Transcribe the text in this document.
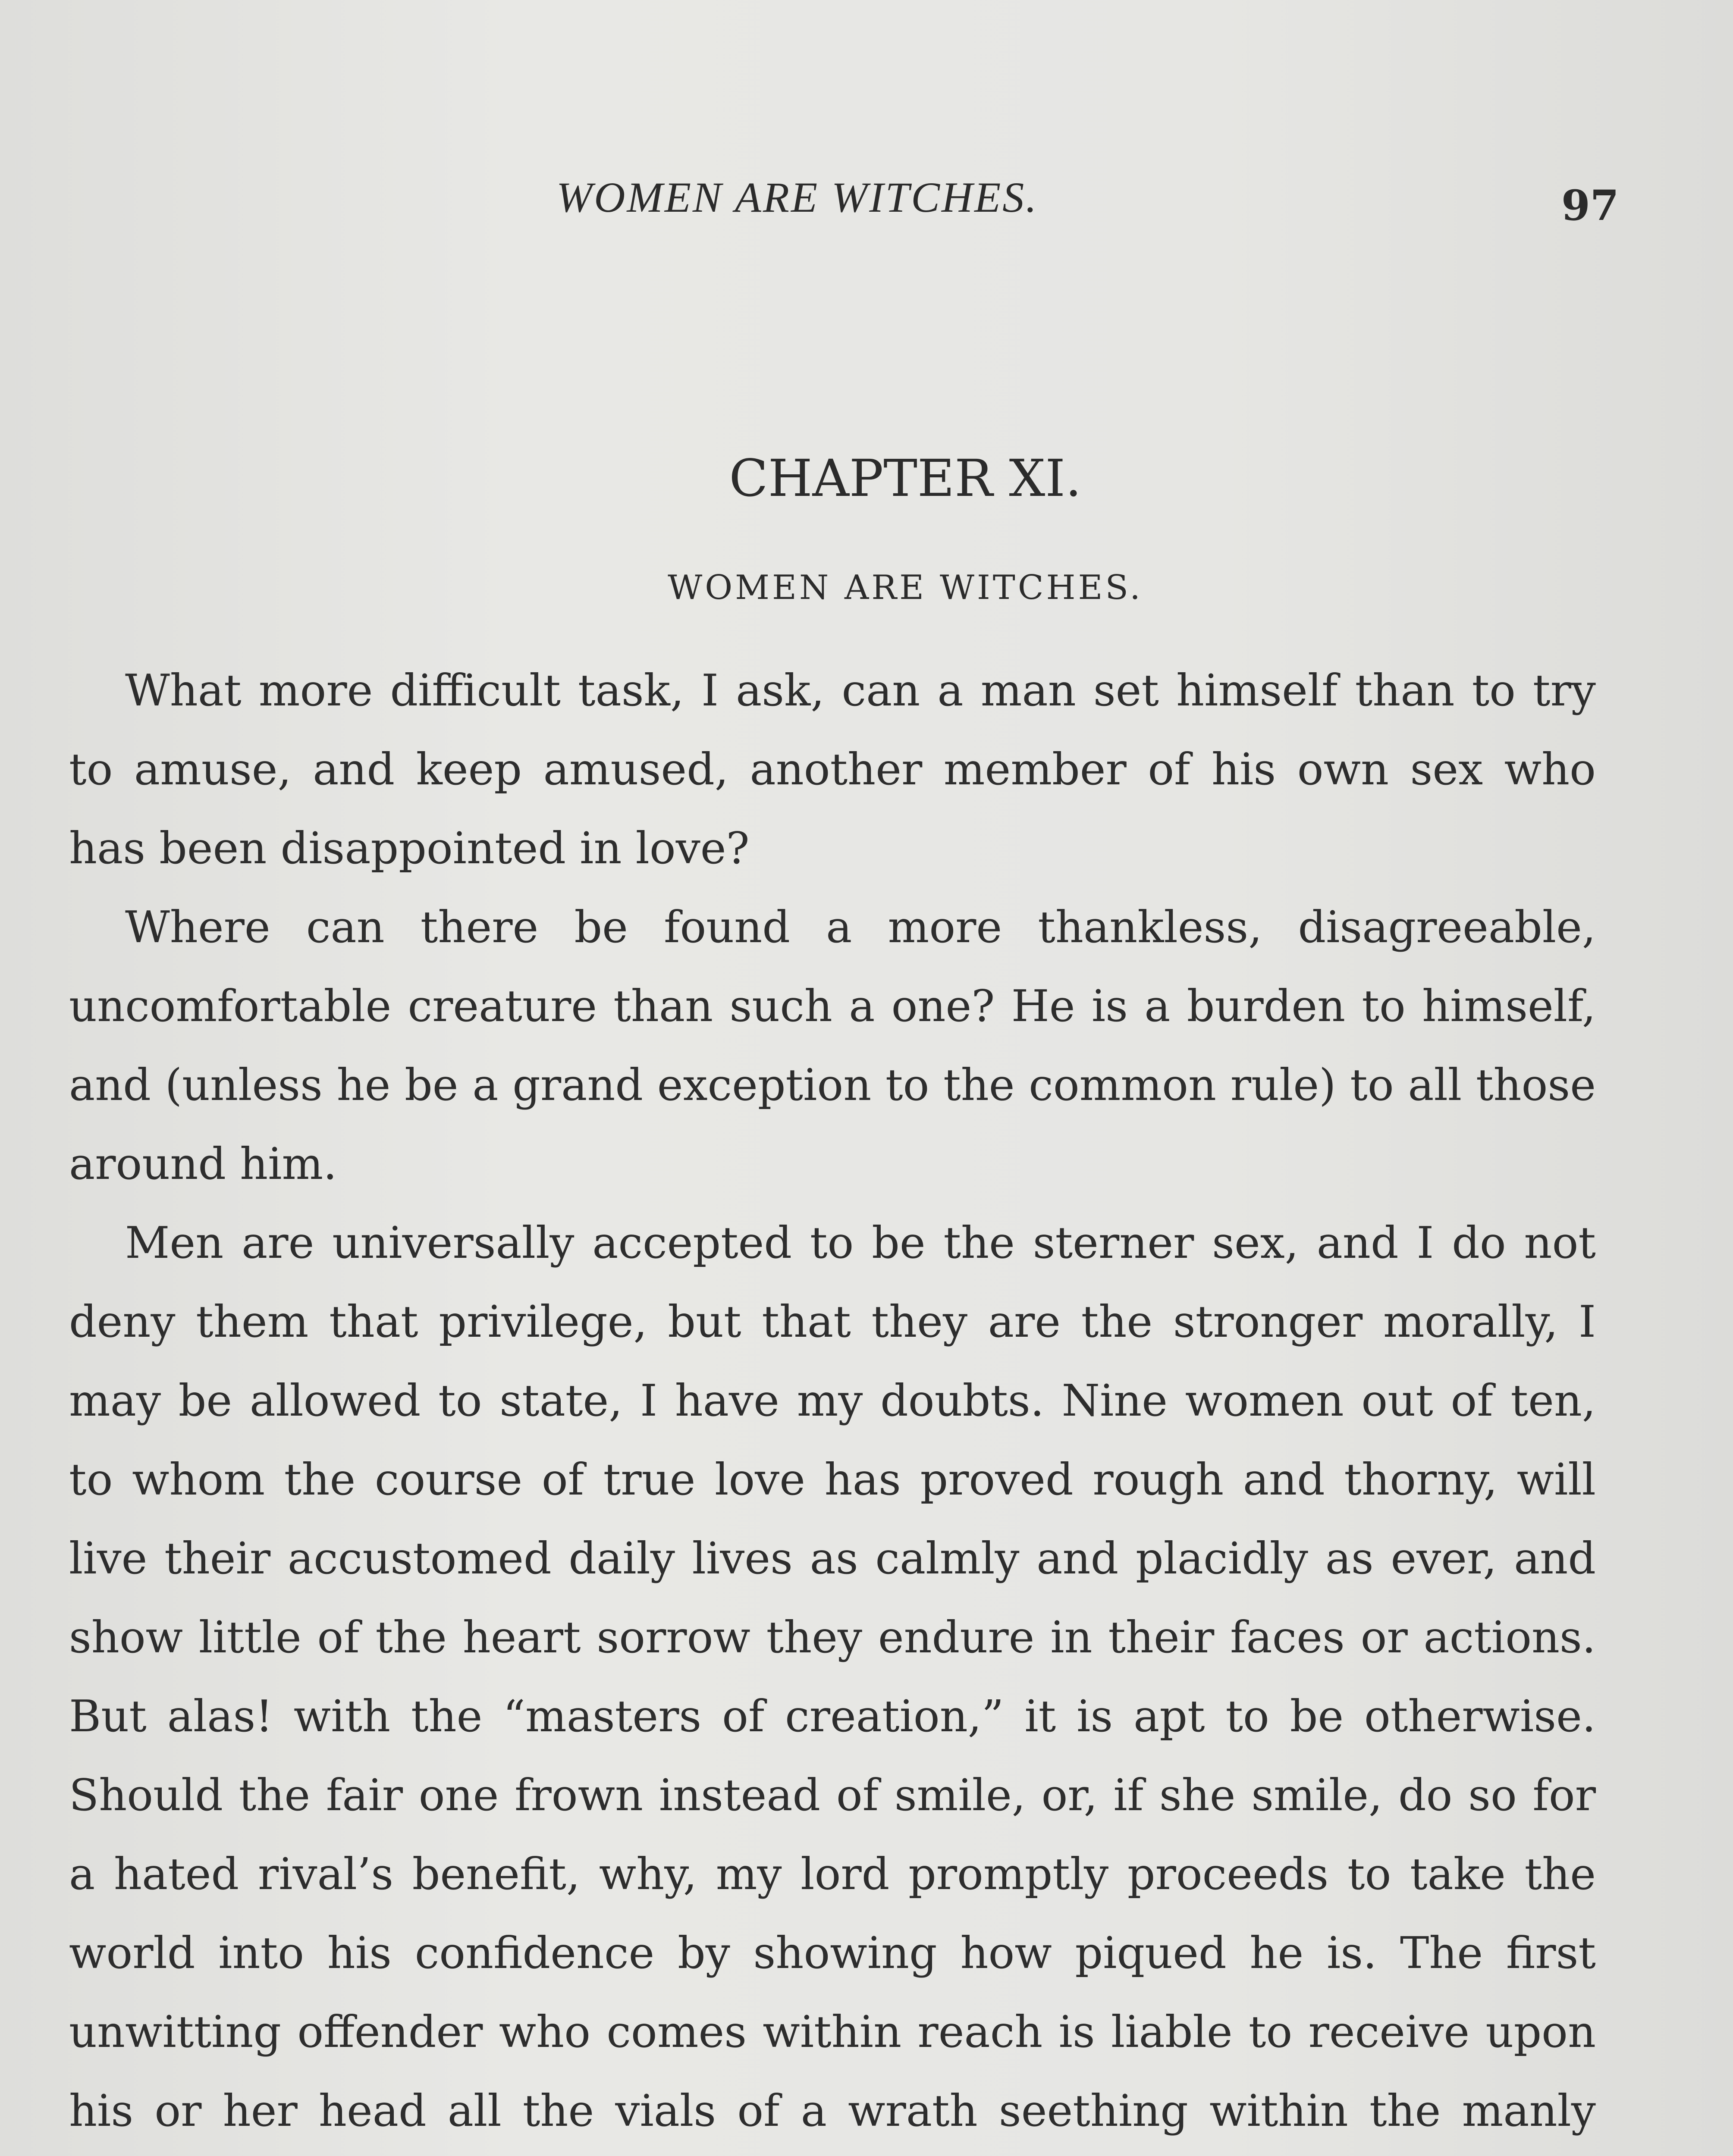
WOMEN ARE WITCHES.	97
CHAPTER XI.
WOMEN ARE WITCHES.

What more difficult task, I ask, can a man set himself than to try to amuse, and keep amused, another member of his own sex who has been disappointed in love?

Where can there be found a more thankless, disagreeable, uncomfortable creature than such a one? He is a burden to himself, and (unless he be a grand exception to the common rule) to all those around him.

Men are universally accepted to be the sterner sex, and I do not deny them that privilege, but that they are the stronger morally, I may be allowed to state, I have my doubts. Nine women out of ten, to whom the course of true love has proved rough and thorny, will live their accustomed daily lives as calmly and placidly as ever, and show little of the heart sorrow they endure in their faces or actions. But alas! with the “masters of creation,” it is apt to be otherwise. Should the fair one frown instead of smile, or, if she smile, do so for a hated rival’s benefit, why, my lord promptly proceeds to take the world into his confidence by showing how piqued he is. The first unwitting offender who comes within reach is liable to receive upon his or her head all the vials of a wrath seething within the manly
